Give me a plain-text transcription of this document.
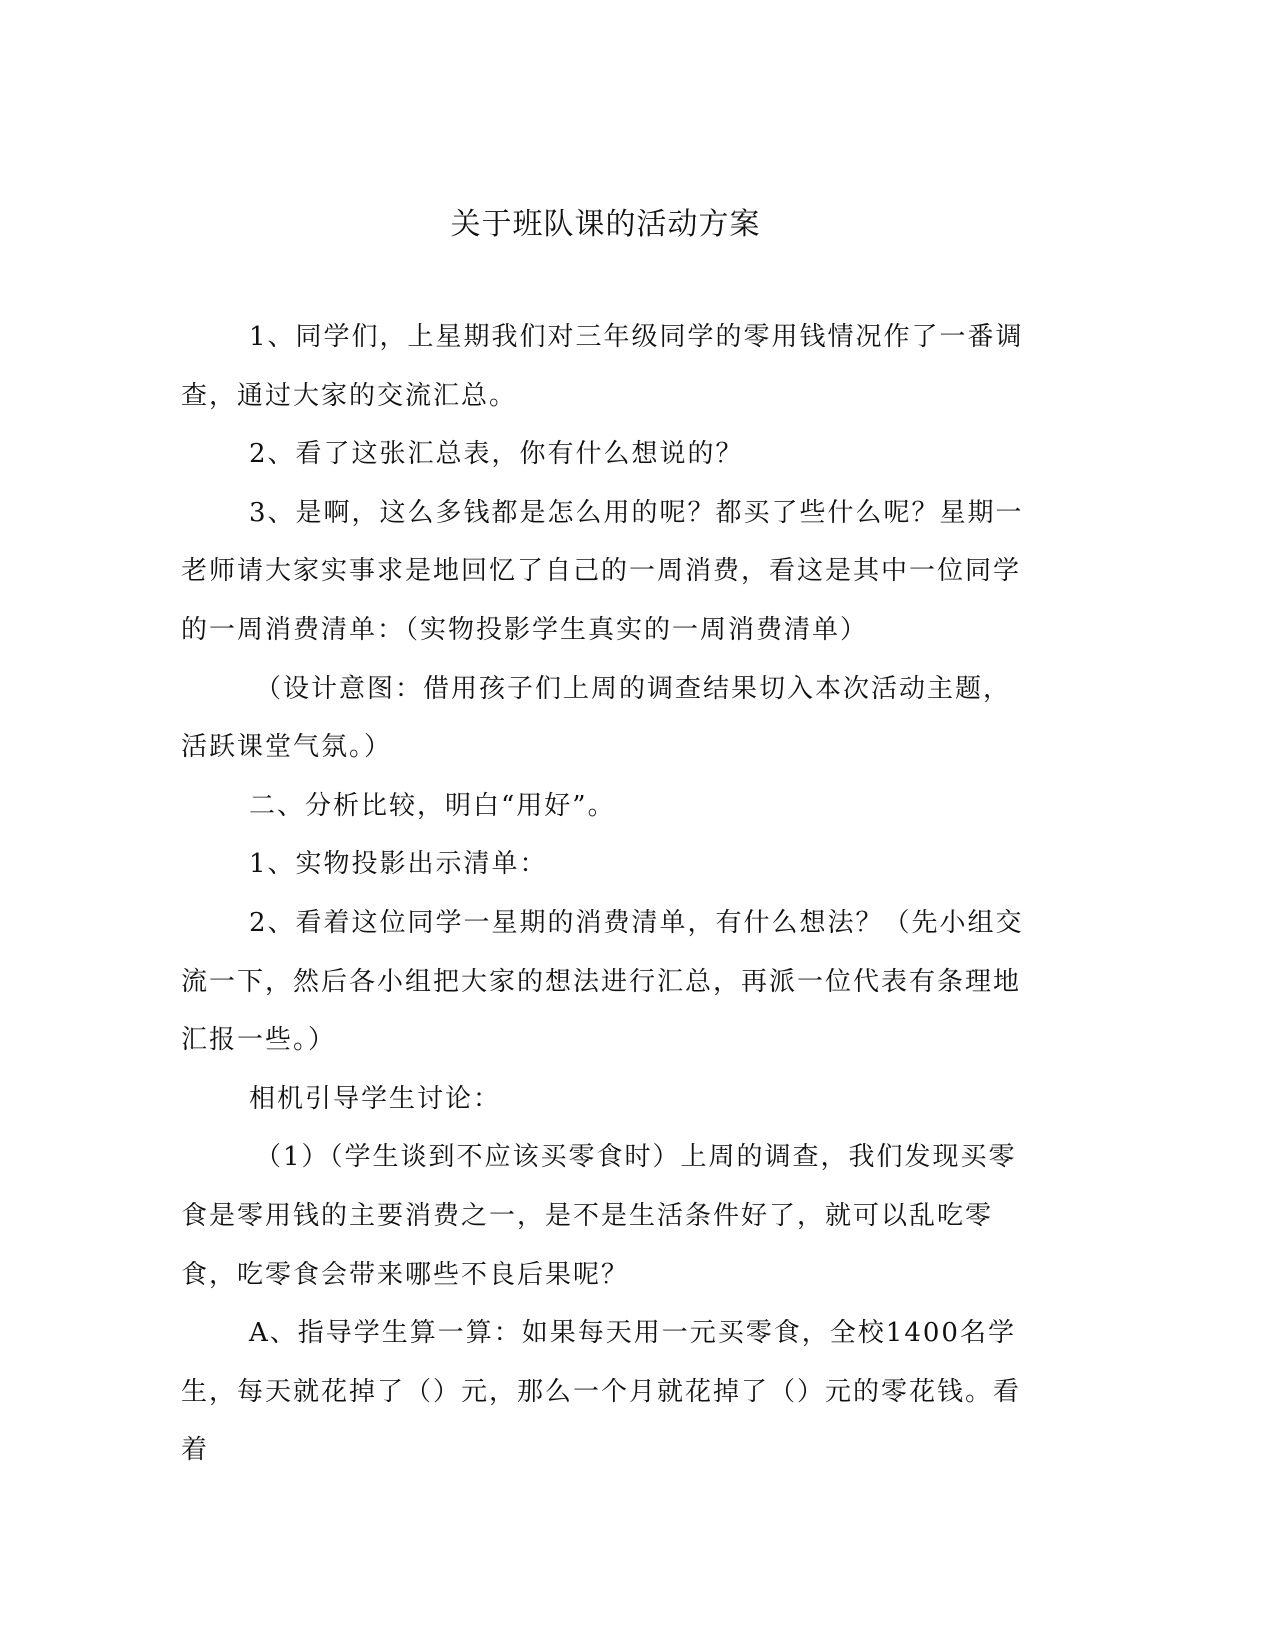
关于班队课的活动方案

1、同学们，上星期我们对三年级同学的零用钱情况作了一番调查，通过大家的交流汇总。

2、看了这张汇总表，你有什么想说的？

3、是啊，这么多钱都是怎么用的呢？都买了些什么呢？星期一老师请大家实事求是地回忆了自己的一周消费，看这是其中一位同学的一周消费清单：（实物投影学生真实的一周消费清单）

（设计意图：借用孩子们上周的调查结果切入本次活动主题，活跃课堂气氛。）

二、分析比较，明白“用好”。

1、实物投影出示清单：

2、看着这位同学一星期的消费清单，有什么想法？（先小组交流一下，然后各小组把大家的想法进行汇总，再派一位代表有条理地汇报一些。）

相机引导学生讨论：

（1）（学生谈到不应该买零食时）上周的调查，我们发现买零食是零用钱的主要消费之一，是不是生活条件好了，就可以乱吃零食，吃零食会带来哪些不良后果呢？

A、指导学生算一算：如果每天用一元买零食，全校1400名学生，每天就花掉了（）元，那么一个月就花掉了（）元的零花钱。看着
